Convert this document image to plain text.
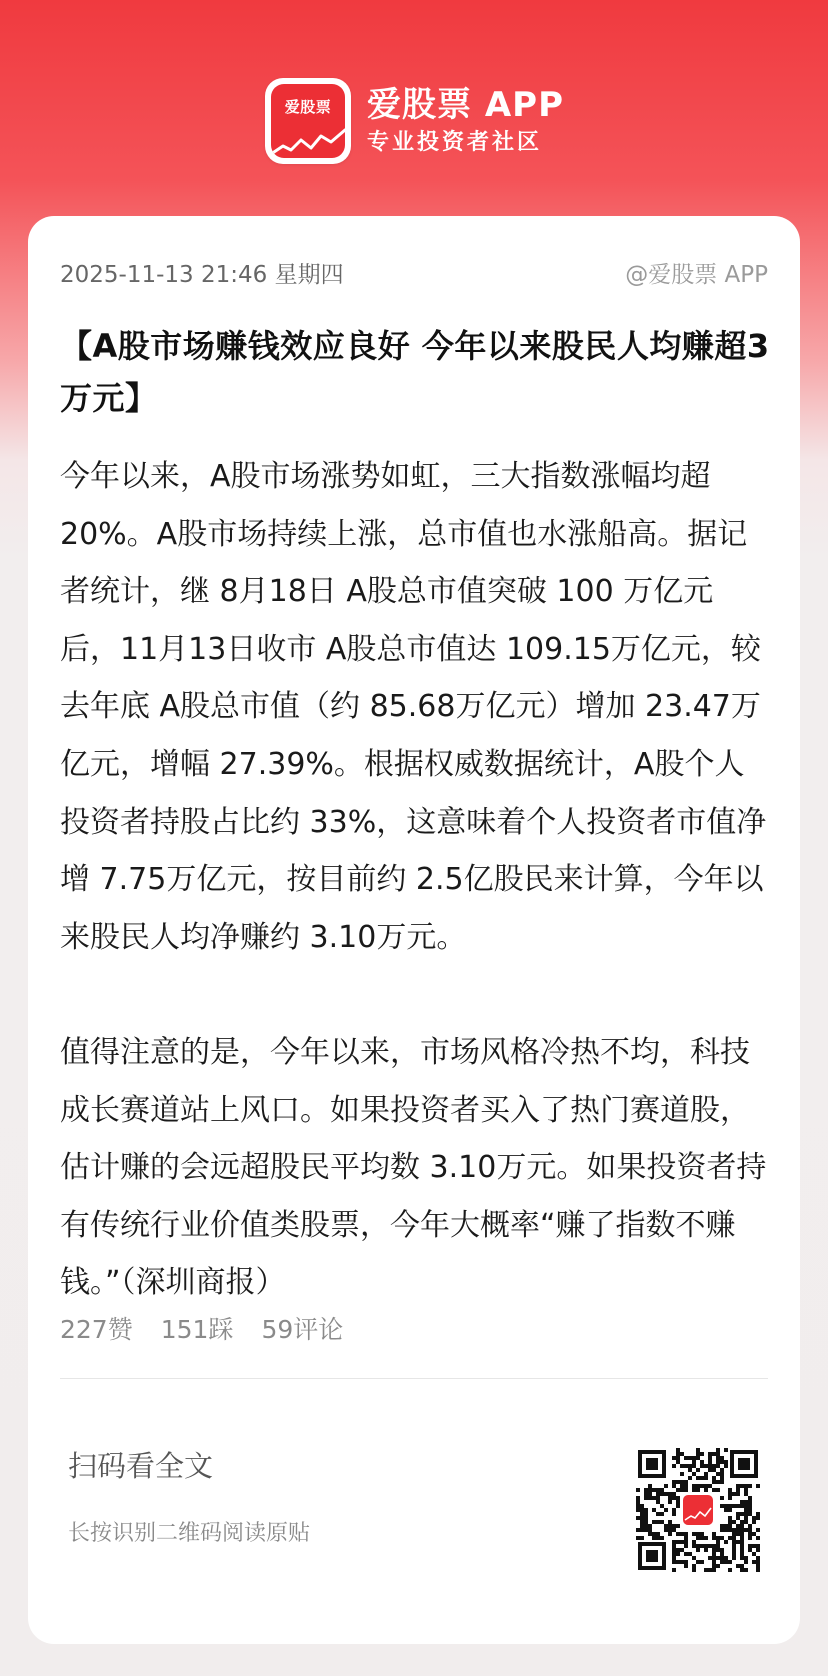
爱股票	爱股票 APP
专业投资者社区
2025-11-13 21:46 星期四	@爱股票 APP
【A股市场赚钱效应良好 今年以来股民人均赚超3万元】

今年以来，A股市场涨势如虹，三大指数涨幅均超 20%。A股市场持续上涨，总市值也水涨船高。据记者统计，继 8月18日 A股总市值突破 100 万亿元后，11月13日收市 A股总市值达 109.15万亿元，较去年底 A股总市值（约 85.68万亿元）增加 23.47万亿元，增幅 27.39%。根据权威数据统计，A股个人投资者持股占比约 33%，这意味着个人投资者市值净增 7.75万亿元，按目前约 2.5亿股民来计算，今年以来股民人均净赚约 3.10万元。

值得注意的是，今年以来，市场风格冷热不均，科技成长赛道站上风口。如果投资者买入了热门赛道股，估计赚的会远超股民平均数 3.10万元。如果投资者持有传统行业价值类股票，今年大概率“赚了指数不赚钱。”（深圳商报）

227赞 151踩 59评论
扫码看全文
长按识别二维码阅读原贴
